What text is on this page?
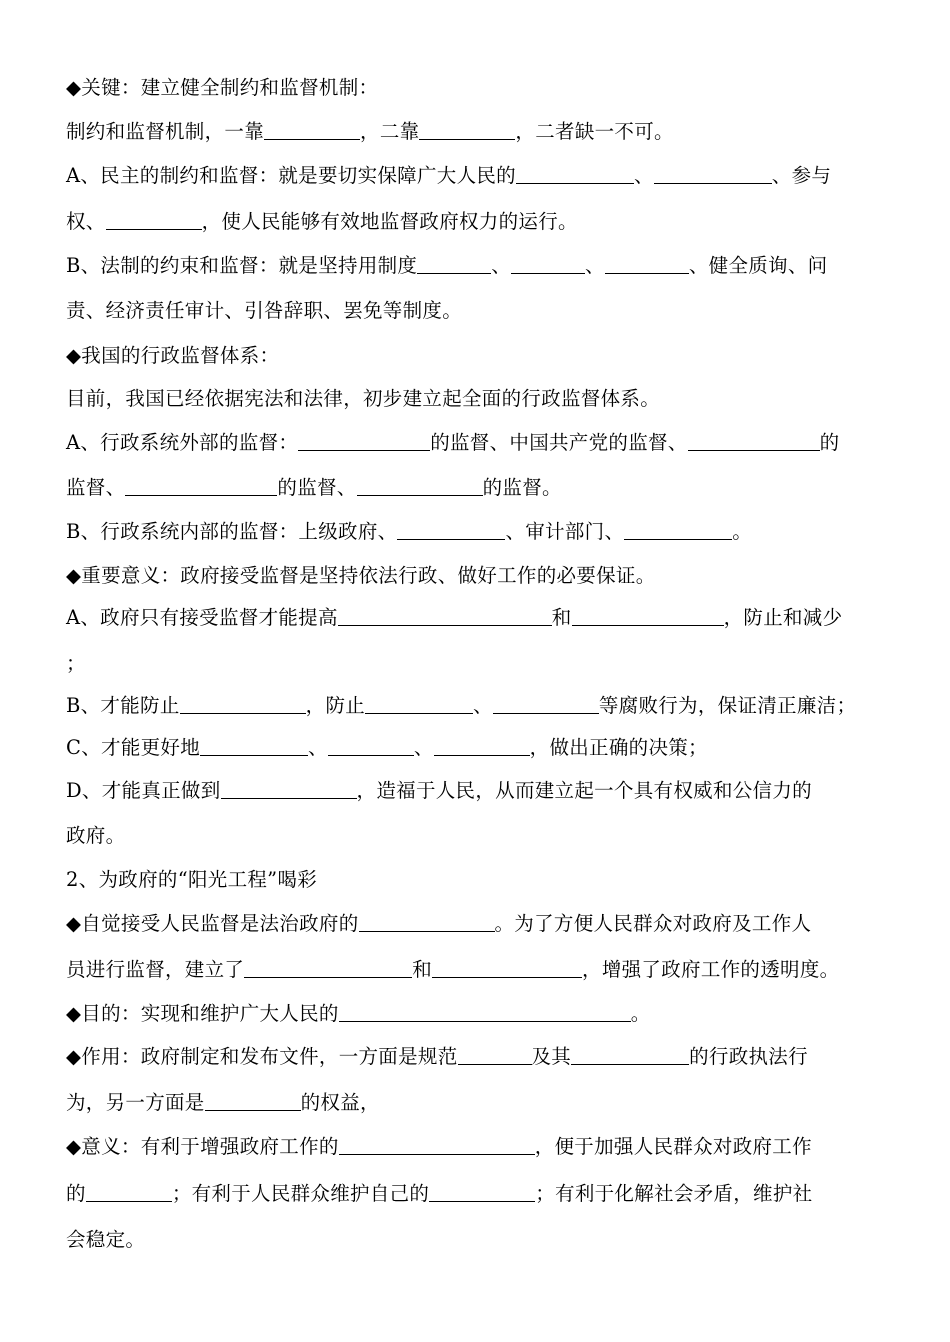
◆关键：建立健全制约和监督机制：
制约和监督机制，一靠	，二靠	，二者缺一不可。
A、民主的制约和监督：就是要切实保障广大人民的	、	、参与
权、	，使人民能够有效地监督政府权力的运行。
B、法制的约束和监督：就是坚持用制度	、	、	、健全质询、问
责、经济责任审计、引咎辞职、罢免等制度。
◆我国的行政监督体系：
目前，我国已经依据宪法和法律，初步建立起全面的行政监督体系。
A、行政系统外部的监督：	的监督、中国共产党的监督、	的
监督、	的监督、	的监督。
B、行政系统内部的监督：上级政府、	、审计部门、	。
◆重要意义：政府接受监督是坚持依法行政、做好工作的必要保证。
A、政府只有接受监督才能提高	和	，防止和减少
；
B、才能防止	，防止	、	等腐败行为，保证清正廉洁；
C、才能更好地	、	、	，做出正确的决策；
D、才能真正做到	，造福于人民，从而建立起一个具有权威和公信力的
政府。
2、为政府的“阳光工程”喝彩
◆自觉接受人民监督是法治政府的	。为了方便人民群众对政府及工作人
员进行监督，建立了	和	，增强了政府工作的透明度。
◆目的：实现和维护广大人民的	。
◆作用：政府制定和发布文件，一方面是规范	及其	的行政执法行
为，另一方面是	的权益，
◆意义：有利于增强政府工作的	，便于加强人民群众对政府工作
的	；有利于人民群众维护自己的	；有利于化解社会矛盾，维护社
会稳定。
